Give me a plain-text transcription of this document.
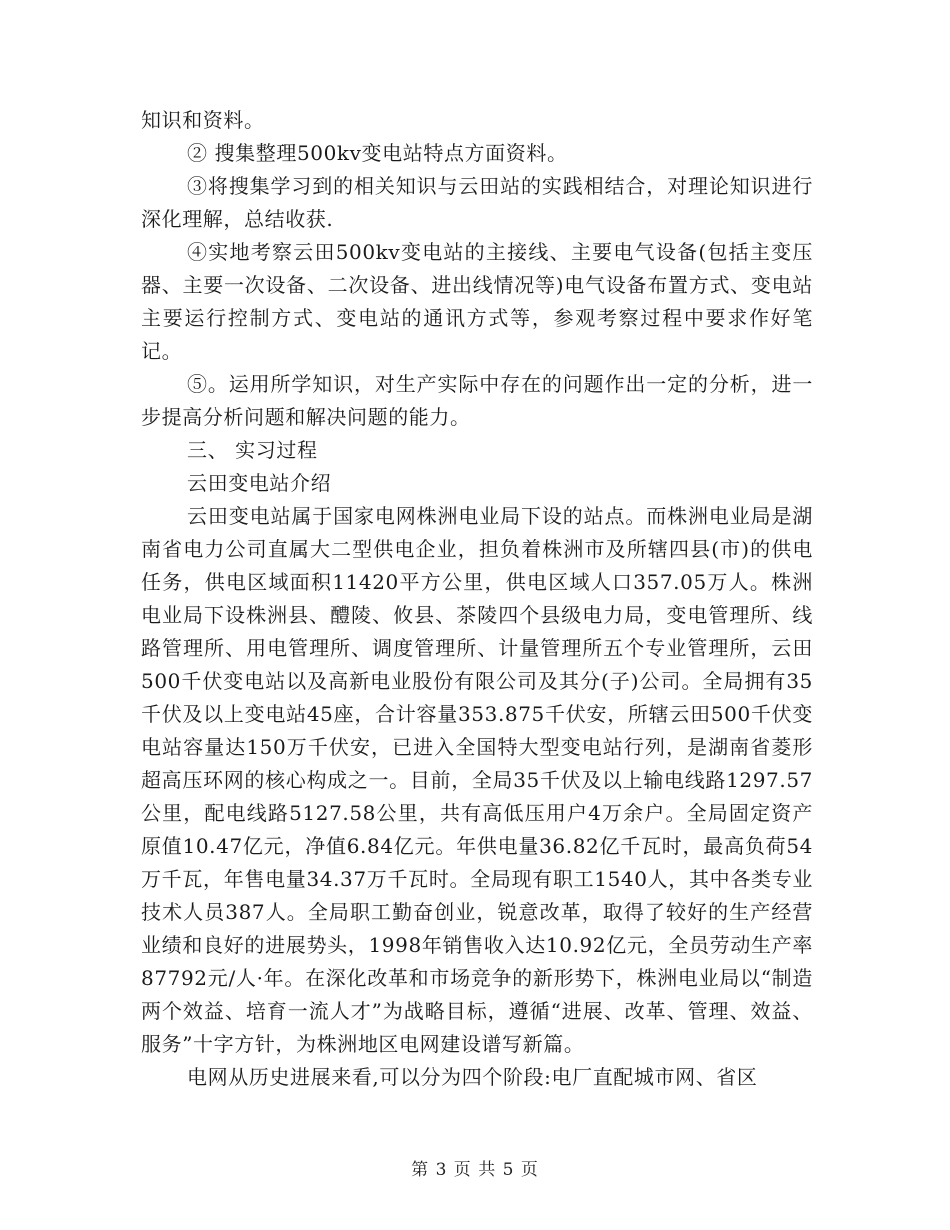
知识和资料。

② 搜集整理500kv变电站特点方面资料。

③将搜集学习到的相关知识与云田站的实践相结合，对理论知识进行深化理解，总结收获.

④实地考察云田500kv变电站的主接线、主要电气设备(包括主变压器、主要一次设备、二次设备、进出线情况等)电气设备布置方式、变电站主要运行控制方式、变电站的通讯方式等，参观考察过程中要求作好笔记。

⑤。运用所学知识，对生产实际中存在的问题作出一定的分析，进一步提高分析问题和解决问题的能力。

三、 实习过程

云田变电站介绍

云田变电站属于国家电网株洲电业局下设的站点。而株洲电业局是湖南省电力公司直属大二型供电企业，担负着株洲市及所辖四县(市)的供电任务，供电区域面积11420平方公里，供电区域人口357.05万人。株洲电业局下设株洲县、醴陵、攸县、茶陵四个县级电力局，变电管理所、线路管理所、用电管理所、调度管理所、计量管理所五个专业管理所，云田500千伏变电站以及高新电业股份有限公司及其分(子)公司。全局拥有35千伏及以上变电站45座，合计容量353.875千伏安，所辖云田500千伏变电站容量达150万千伏安，已进入全国特大型变电站行列，是湖南省菱形超高压环网的核心构成之一。目前，全局35千伏及以上输电线路1297.57公里，配电线路5127.58公里，共有高低压用户4万余户。全局固定资产原值10.47亿元，净值6.84亿元。年供电量36.82亿千瓦时，最高负荷54万千瓦，年售电量34.37万千瓦时。全局现有职工1540人，其中各类专业技术人员387人。全局职工勤奋创业，锐意改革，取得了较好的生产经营业绩和良好的进展势头，1998年销售收入达10.92亿元，全员劳动生产率87792元/人·年。在深化改革和市场竞争的新形势下，株洲电业局以“制造两个效益、培育一流人才”为战略目标，遵循“进展、改革、管理、效益、服务”十字方针，为株洲地区电网建设谱写新篇。

电网从历史进展来看,可以分为四个阶段:电厂直配城市网、省区

第 3 页 共 5 页
